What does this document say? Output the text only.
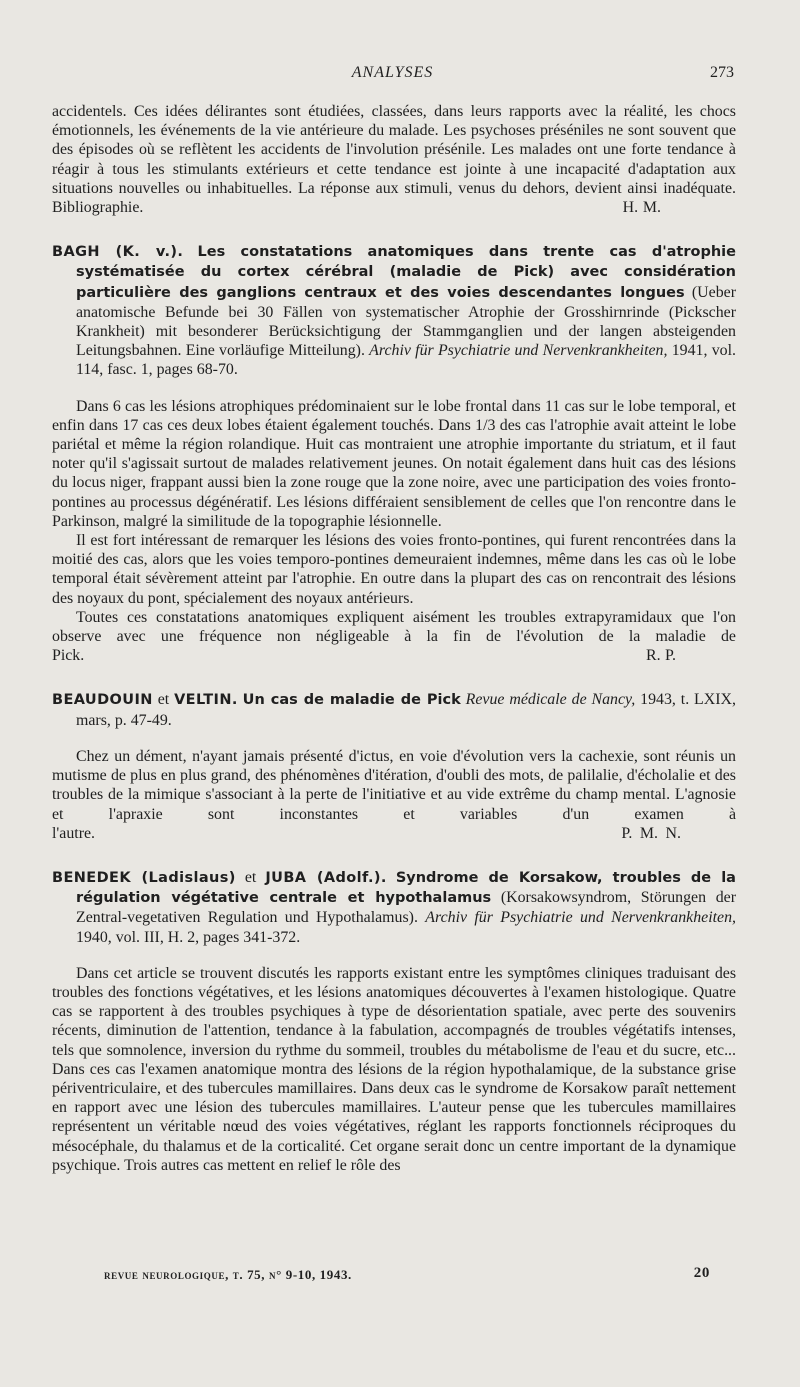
ANALYSES	273

accidentels. Ces idées délirantes sont étudiées, classées, dans leurs rapports avec la réalité, les chocs émotionnels, les événements de la vie antérieure du malade. Les psychoses préséniles ne sont souvent que des épisodes où se reflètent les accidents de l'involution présénile. Les malades ont une forte tendance à réagir à tous les stimulants extérieurs et cette tendance est jointe à une incapacité d'adaptation aux situations nouvelles ou inhabituelles. La réponse aux stimuli, venus du dehors, devient ainsi inadéquate. Bibliographie.	H. M.

BAGH (K. v.). Les constatations anatomiques dans trente cas d'atrophie systématisée du cortex cérébral (maladie de Pick) avec considération particulière des ganglions centraux et des voies descendantes longues (Ueber anatomische Befunde bei 30 Fällen von systematischer Atrophie der Grosshirnrinde (Pickscher Krankheit) mit besonderer Berücksichtigung der Stammganglien und der langen absteigenden Leitungsbahnen. Eine vorläufige Mitteilung). Archiv für Psychiatrie und Nervenkrankheiten, 1941, vol. 114, fasc. 1, pages 68-70.

Dans 6 cas les lésions atrophiques prédominaient sur le lobe frontal dans 11 cas sur le lobe temporal, et enfin dans 17 cas ces deux lobes étaient également touchés. Dans 1/3 des cas l'atrophie avait atteint le lobe pariétal et même la région rolandique. Huit cas montraient une atrophie importante du striatum, et il faut noter qu'il s'agissait surtout de malades relativement jeunes. On notait également dans huit cas des lésions du locus niger, frappant aussi bien la zone rouge que la zone noire, avec une participation des voies fronto-pontines au processus dégénératif. Les lésions différaient sensiblement de celles que l'on rencontre dans le Parkinson, malgré la similitude de la topographie lésionnelle.

Il est fort intéressant de remarquer les lésions des voies fronto-pontines, qui furent rencontrées dans la moitié des cas, alors que les voies temporo-pontines demeuraient indemnes, même dans les cas où le lobe temporal était sévèrement atteint par l'atrophie. En outre dans la plupart des cas on rencontrait des lésions des noyaux du pont, spécialement des noyaux antérieurs.

Toutes ces constatations anatomiques expliquent aisément les troubles extrapyramidaux que l'on observe avec une fréquence non négligeable à la fin de l'évolution de la maladie de Pick.	R. P.

BEAUDOUIN et VELTIN. Un cas de maladie de Pick Revue médicale de Nancy, 1943, t. LXIX, mars, p. 47-49.

Chez un dément, n'ayant jamais présenté d'ictus, en voie d'évolution vers la cachexie, sont réunis un mutisme de plus en plus grand, des phénomènes d'itération, d'oubli des mots, de palilalie, d'écholalie et des troubles de la mimique s'associant à la perte de l'initiative et au vide extrême du champ mental. L'agnosie et l'apraxie sont inconstantes et variables d'un examen à l'autre.	P. M. N.

BENEDEK (Ladislaus) et JUBA (Adolf.). Syndrome de Korsakow, troubles de la régulation végétative centrale et hypothalamus (Korsakowsyndrom, Störungen der Zentral-vegetativen Regulation und Hypothalamus). Archiv für Psychiatrie und Nervenkrankheiten, 1940, vol. III, H. 2, pages 341-372.

Dans cet article se trouvent discutés les rapports existant entre les symptômes cliniques traduisant des troubles des fonctions végétatives, et les lésions anatomiques découvertes à l'examen histologique. Quatre cas se rapportent à des troubles psychiques à type de désorientation spatiale, avec perte des souvenirs récents, diminution de l'attention, tendance à la fabulation, accompagnés de troubles végétatifs intenses, tels que somnolence, inversion du rythme du sommeil, troubles du métabolisme de l'eau et du sucre, etc... Dans ces cas l'examen anatomique montra des lésions de la région hypothalamique, de la substance grise périventriculaire, et des tubercules mamillaires. Dans deux cas le syndrome de Korsakow paraît nettement en rapport avec une lésion des tubercules mamillaires. L'auteur pense que les tubercules mamillaires représentent un véritable nœud des voies végétatives, réglant les rapports fonctionnels réciproques du mésocéphale, du thalamus et de la corticalité. Cet organe serait donc un centre important de la dynamique psychique. Trois autres cas mettent en relief le rôle des

revue neurologique, t. 75, n° 9-10, 1943.	20
